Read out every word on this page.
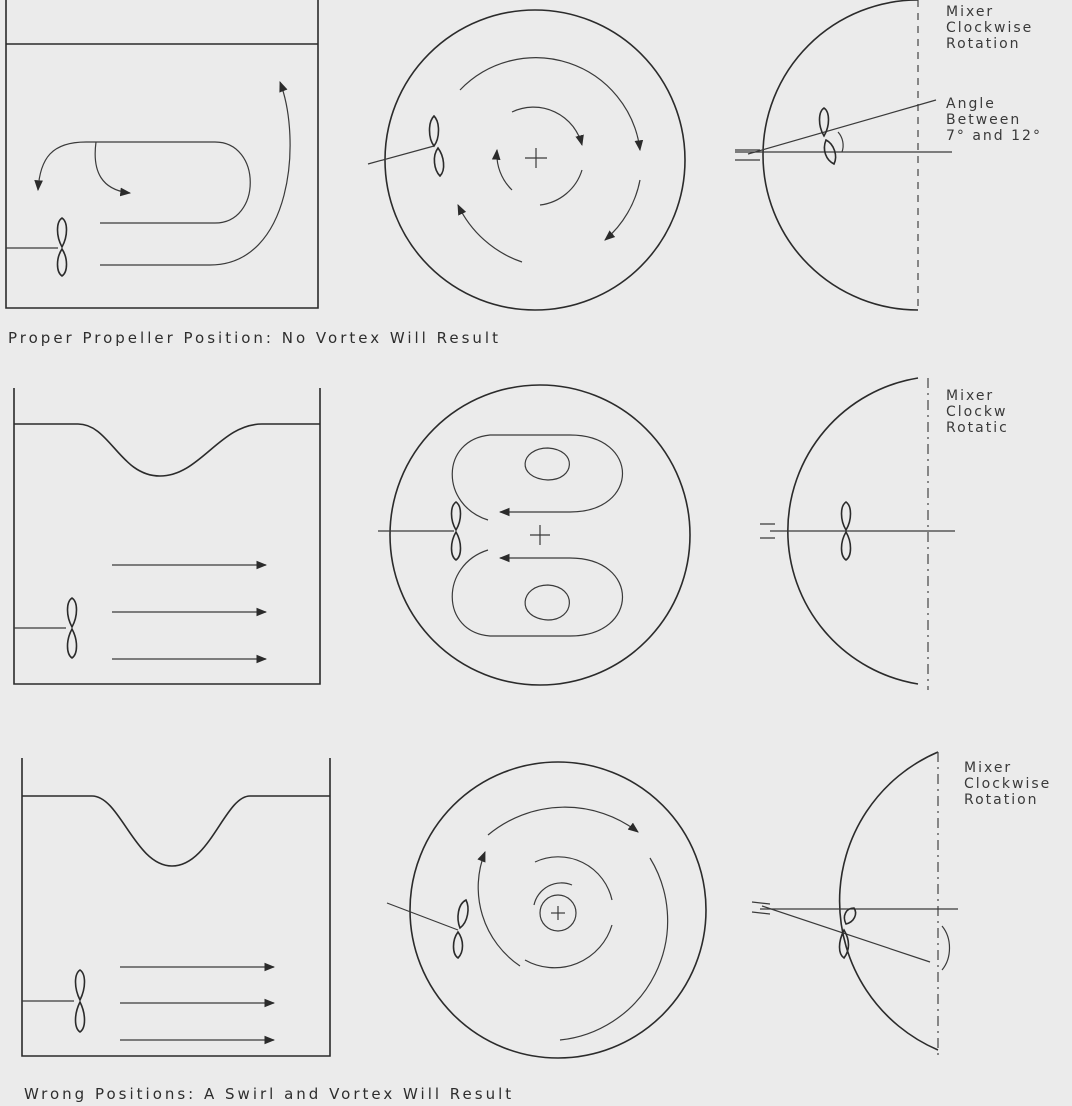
Mixer
Clockwise
Rotation
Angle
Between
7° and 12°
Mixer
Clockw
Rotatic
Mixer
Clockwise
Rotation
Proper Propeller Position: No Vortex Will Result
Wrong Positions: A Swirl and Vortex Will Result
